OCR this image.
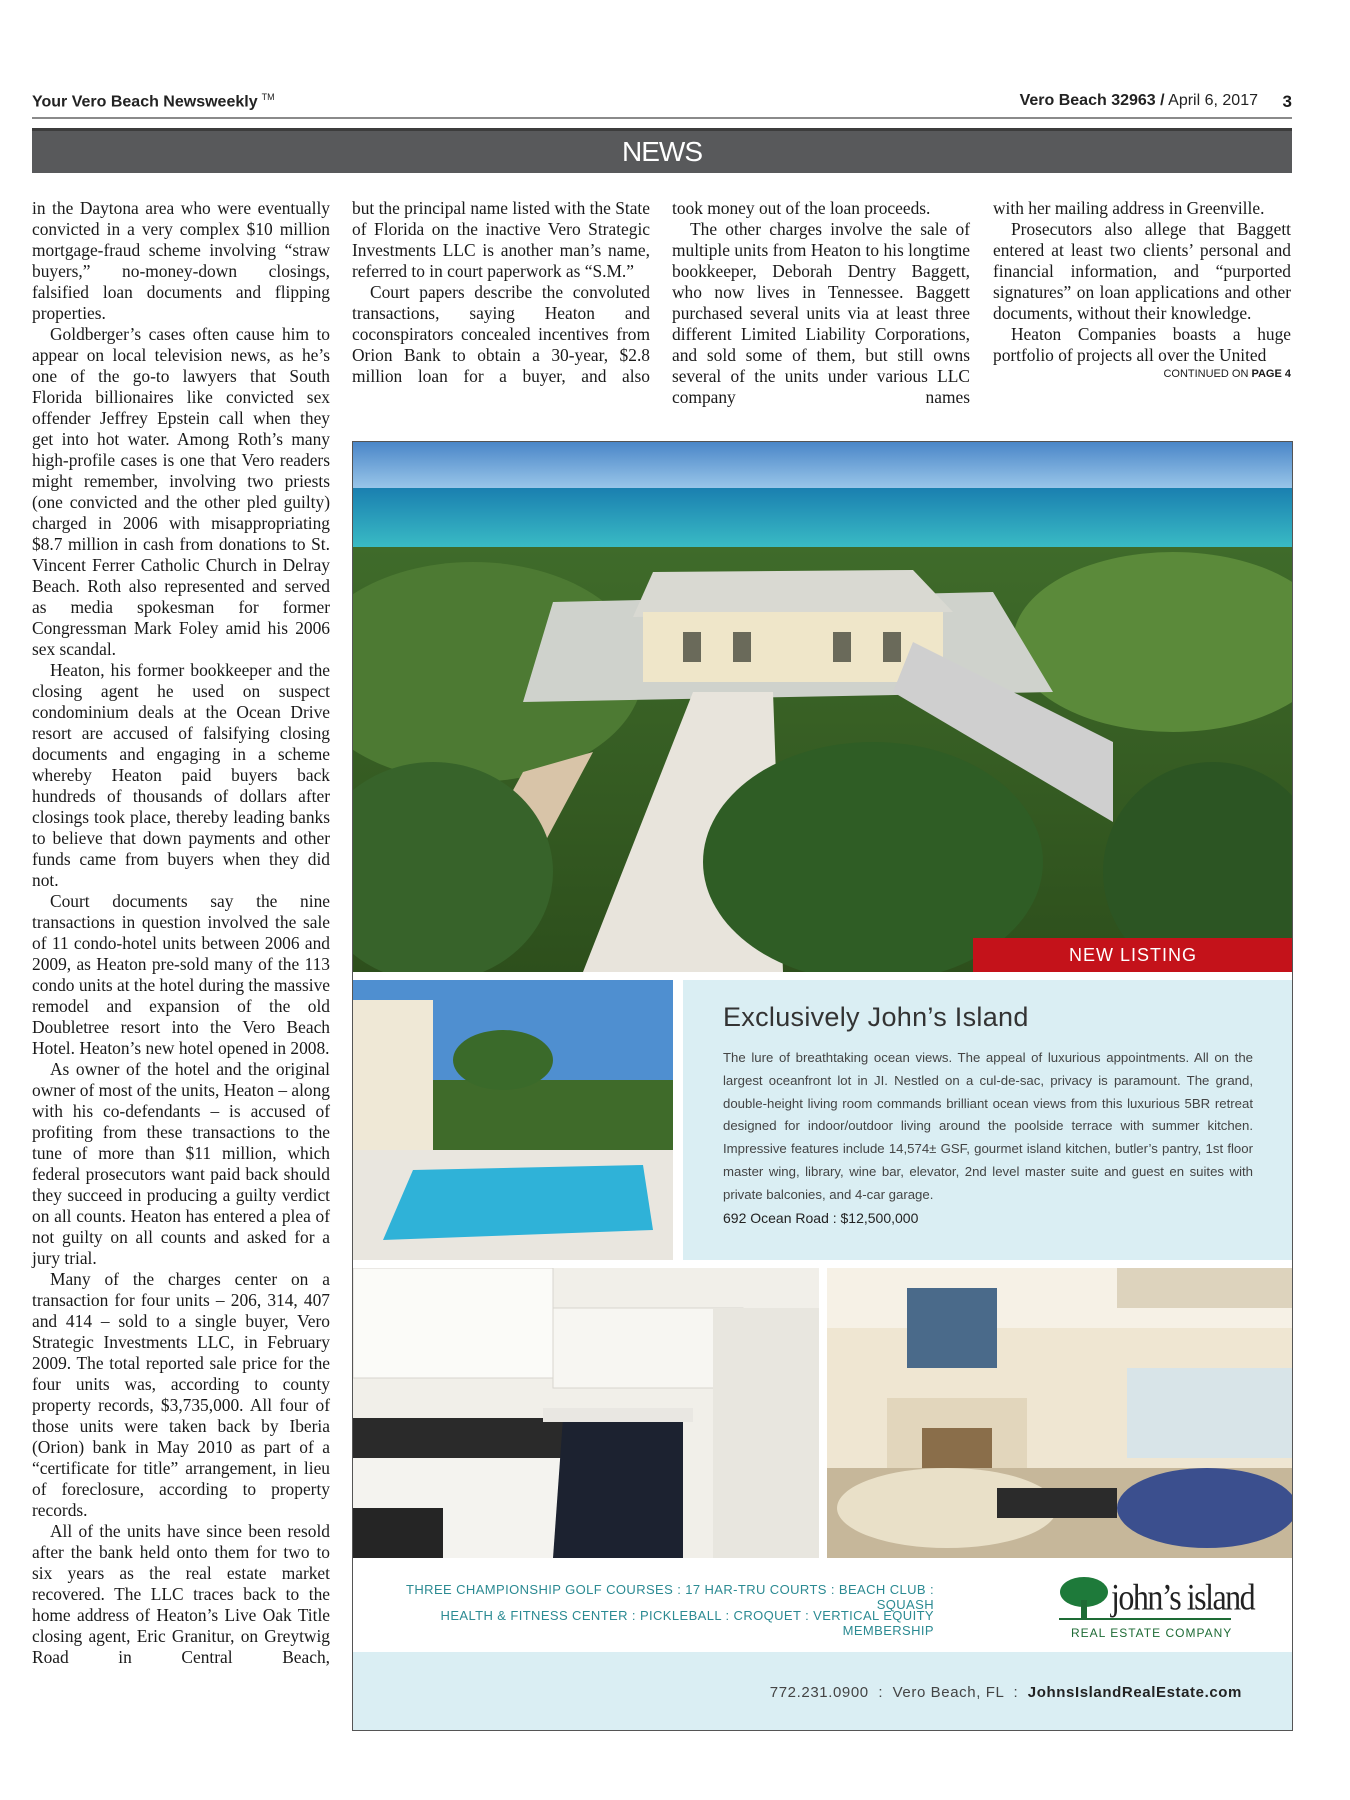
Your Vero Beach Newsweekly ™	Vero Beach 32963 / April 6, 2017	3
NEWS

in the Daytona area who were eventually convicted in a very complex $10 million mortgage-fraud scheme involving “straw buyers,” no-money-down closings, falsified loan documents and flipping properties.

Goldberger’s cases often cause him to appear on local television news, as he’s one of the go-to lawyers that South Florida billionaires like convicted sex offender Jeffrey Epstein call when they get into hot water. Among Roth’s many high-profile cases is one that Vero readers might remember, involving two priests (one convicted and the other pled guilty) charged in 2006 with misappropriating $8.7 million in cash from donations to St. Vincent Ferrer Catholic Church in Delray Beach. Roth also represented and served as media spokesman for former Congressman Mark Foley amid his 2006 sex scandal.

Heaton, his former bookkeeper and the closing agent he used on suspect condominium deals at the Ocean Drive resort are accused of falsifying closing documents and engaging in a scheme whereby Heaton paid buyers back hundreds of thousands of dollars after closings took place, thereby leading banks to believe that down payments and other funds came from buyers when they did not.

Court documents say the nine transactions in question involved the sale of 11 condo-hotel units between 2006 and 2009, as Heaton pre-sold many of the 113 condo units at the hotel during the massive remodel and expansion of the old Doubletree resort into the Vero Beach Hotel. Heaton’s new hotel opened in 2008.

As owner of the hotel and the original owner of most of the units, Heaton – along with his co-defendants – is accused of profiting from these transactions to the tune of more than $11 million, which federal prosecutors want paid back should they succeed in producing a guilty verdict on all counts. Heaton has entered a plea of not guilty on all counts and asked for a jury trial.

Many of the charges center on a transaction for four units – 206, 314, 407 and 414 – sold to a single buyer, Vero Strategic Investments LLC, in February 2009. The total reported sale price for the four units was, according to county property records, $3,735,000. All four of those units were taken back by Iberia (Orion) bank in May 2010 as part of a “certificate for title” arrangement, in lieu of foreclosure, according to property records.

All of the units have since been resold after the bank held onto them for two to six years as the real estate market recovered. The LLC traces back to the home address of Heaton’s Live Oak Title closing agent, Eric Granitur, on Greytwig Road in Central Beach,

but the principal name listed with the State of Florida on the inactive Vero Strategic Investments LLC is another man’s name, referred to in court paperwork as “S.M.”

Court papers describe the convoluted transactions, saying Heaton and coconspirators concealed incentives from Orion Bank to obtain a 30-year, $2.8 million loan for a buyer, and also

took money out of the loan proceeds.

The other charges involve the sale of multiple units from Heaton to his longtime bookkeeper, Deborah Dentry Baggett, who now lives in Tennessee. Baggett purchased several units via at least three different Limited Liability Corporations, and sold some of them, but still owns several of the units under various LLC company names

with her mailing address in Greenville.

Prosecutors also allege that Baggett entered at least two clients’ personal and financial information, and “purported signatures” on loan applications and other documents, without their knowledge.

Heaton Companies boasts a huge portfolio of projects all over the United

CONTINUED ON PAGE 4
NEW LISTING
Exclusively John’s Island
The lure of breathtaking ocean views. The appeal of luxurious appointments. All on the largest oceanfront lot in JI. Nestled on a cul-de-sac, privacy is paramount. The grand, double-height living room commands brilliant ocean views from this luxurious 5BR retreat designed for indoor/outdoor living around the poolside terrace with summer kitchen. Impressive features include 14,574± GSF, gourmet island kitchen, butler’s pantry, 1st floor master wing, library, wine bar, elevator, 2nd level master suite and guest en suites with private balconies, and 4-car garage.
692 Ocean Road : $12,500,000
THREE CHAMPIONSHIP GOLF COURSES : 17 HAR-TRU COURTS : BEACH CLUB : SQUASH
HEALTH & FITNESS CENTER : PICKLEBALL : CROQUET : VERTICAL EQUITY MEMBERSHIP
john’s island
REAL ESTATE COMPANY
772.231.0900 : Vero Beach, FL : JohnsIslandRealEstate.com
